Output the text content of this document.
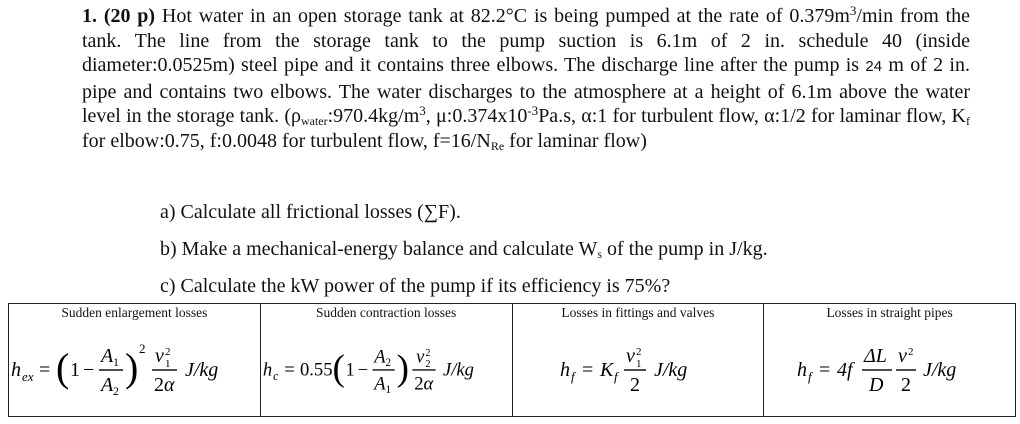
1. (20 p) Hot water in an open storage tank at 82.2°C is being pumped at the rate of $0.379m^3/\min$ from the tank. The line from the storage tank to the pump suction is 6.1m of 2 in. schedule 40 (inside diameter:0.0525m) steel pipe and it contains three elbows. The discharge line after the pump is 24 m of 2 in. pipe and contains two elbows. The water discharges to the atmosphere at a height of 6.1m above the water level in the storage tank. ($\rho_{water}:970.4kg/m^3$, $\mu:0.374x10^{-3}Pa.s$, α:1 for turbulent flow, α:1/2 for laminar flow, $K_f$ for elbow:0.75, f:0.0048 for turbulent flow, $f=16/N_{Re}$ for laminar flow)
a) Calculate all frictional losses (∑F).
b) Make a mechanical-energy balance and calculate $W_s$ of the pump in J/kg.
c) Calculate the kW power of the pump if its efficiency is 75%?
Sudden enlargement losses
h ex = ( 1 −
A 1
A 2
) 2 v 2
1
2 α
J/kg

Sudden contraction losses
h c = 0.55 ( 1 −
A 2
A 1
) v 2
2
2 α
J/kg

Losses in fittings and valves
h f = K f
v 2
1
2
J/kg

Losses in straight pipes
h f = 4f
ΔL
D
v 2
2
J/kg
